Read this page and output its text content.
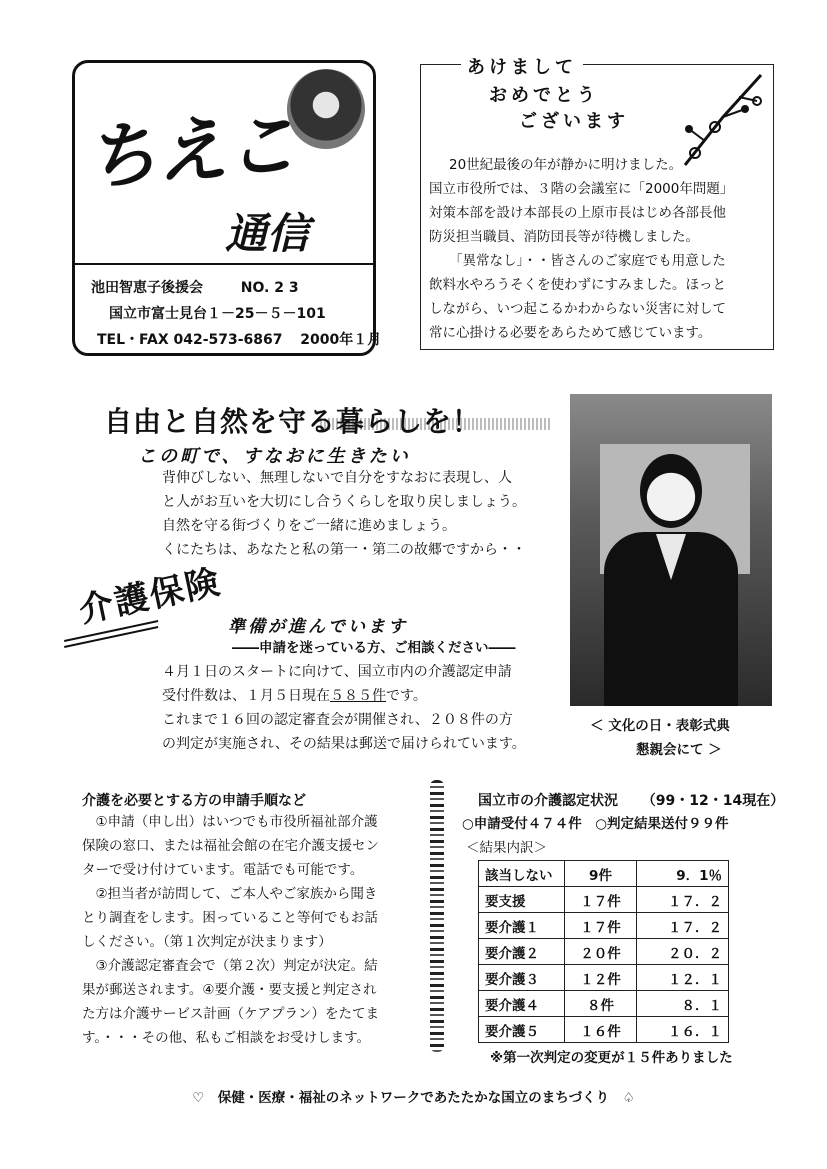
ちえこ
通信
池田智恵子後援会	NO. 2 3
国立市富士見台１－25－５－101
TEL・FAX 042-573-6867 2000年１月
あけまして
おめでとう
ございます
20世紀最後の年が静かに明けました。
国立市役所では、３階の会議室に「2000年問題」
対策本部を設け本部長の上原市長はじめ各部長他
防災担当職員、消防団長等が待機しました。
「異常なし」・・皆さんのご家庭でも用意した
飲料水やろうそくを使わずにすみました。ほっと
しながら、いつ起こるかわからない災害に対して
常に心掛ける必要をあらためて感じています。
自由と自然を守る暮らしを！
この町で、すなおに生きたい
背伸びしない、無理しないで自分をすなおに表現し、人
と人がお互いを大切にし合うくらしを取り戻しましょう。
自然を守る街づくりをご一緒に進めましょう。
くにたちは、あなたと私の第一・第二の故郷ですから・・
＜ 文化の日・表彰式典
懇親会にて ＞
介護保険 準備が進んでいます
――申請を迷っている方、ご相談ください――
４月１日のスタートに向けて、国立市内の介護認定申請
受付件数は、１月５日現在５８５件です。
これまで１６回の認定審査会が開催され、２０８件の方
の判定が実施され、その結果は郵送で届けられています。
介護を必要とする方の申請手順など
　①申請（申し出）はいつでも市役所福祉部介護
保険の窓口、または福祉会館の在宅介護支援セン
ターで受け付けています。電話でも可能です。
　②担当者が訪問して、ご本人やご家族から聞き
とり調査をします。困っていること等何でもお話
しください。（第１次判定が決まります）
　③介護認定審査会で（第２次）判定が決定。結
果が郵送されます。④要介護・要支援と判定され
た方は介護サービス計画（ケアプラン）をたてま
す。・・・その他、私もご相談をお受けします。
国立市の介護認定状況 （99・12・14現在）
○申請受付４７４件　○判定結果送付９９件
＜結果内訳＞
該当しない	9件	9．1％
要支援	１７件	１７．２
要介護１	１７件	１７．２
要介護２	２０件	２０．２
要介護３	１２件	１２．１
要介護４	８件	８．１
要介護５	１６件	１６．１
※第一次判定の変更が１５件ありました
♡　保健・医療・福祉のネットワークであたたかな国立のまちづくり　♤
